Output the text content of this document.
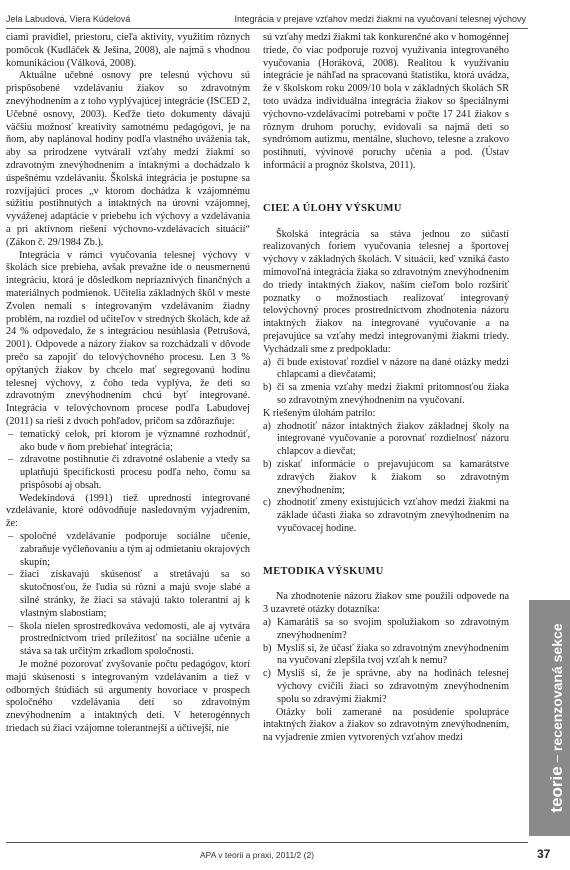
Jela Labudová, Viera Kúdelová	Integrácia v prejave vzťahov medzi žiakmi na vyučovaní telesnej výchovy

ciami pravidiel, priestoru, cieľa aktivity, využitím rôznych pomôcok (Kudláček & Ješina, 2008), ale najmä s vhodnou komunikáciou (Válková, 2008).

Aktuálne učebné osnovy pre telesnú výchovu sú prispôsobené vzdelávaniu žiakov so zdravotným znevýhodnením a z toho vyplývajúcej integrácie (ISCED 2, Učebné osnovy, 2003). Keďže tieto dokumenty dávajú väčšiu možnosť kreativity samotnému pedagógovi, je na ňom, aby naplánoval hodiny podľa vlastného uváženia tak, aby sa prirodzene vytvárali vzťahy medzi žiakmi so zdravotným znevýhodnením a intaknými a dochádzalo k úspešnému vzdelávaniu. Školská integrácia je postupne sa rozvíjajúci proces „v ktorom dochádza k vzájomnému súžitiu postihnutých a intaktných na úrovni vzájomnej, vyváženej adaptácie v priebehu ich výchovy a vzdelávania a pri aktívnom riešení výchovno-vzdelávacích situácií“ (Zákon č. 29/1984 Zb.).

Integrácia v rámci vyučovania telesnej výchovy v školách sice prebieha, avšak prevažne ide o neusmernenú integráciu, ktorá je dôsledkom nepriaznivých finančných a materiálnych podmienok. Učitelia základných škôl v meste Zvolen nemali s integrovaným vzdelávaním žiadny problém, na rozdiel od učiteľov v stredných školách, kde až 24 % odpovedalo, že s integráciou nesúhlasia (Petrušová, 2001). Odpovede a názory žiakov sa rozchádzali v dôvode prečo sa zapojiť do telovýchovného procesu. Len 3 % opýtaných žiakov by chcelo mať segregovanú hodinu telesnej výchovy, z čoho teda vyplýva, že deti so zdravotným znevýhodnením chcú byť integrované. Integrácia v telovýchovnom procese podľa Labudovej (2011) sa rieši z dvoch pohľadov, pričom sa zdôrazňuje:

– tematický celok, pri ktorom je významné rozhodnúť, ako bude v ňom prebiehať integrácia;
– zdravotne postihnutie či zdravotné oslabenie a vtedy sa uplatňujú špecifickosti procesu podľa neho, čomu sa prispôsobí aj obsah.

Wedekindová (1991) tiež upredností integrované vzdelávanie, ktoré odôvodňuje nasledovným vyjadrením, že:

– spoločné vzdelávanie podporuje sociálne učenie, zabraňuje vyčleňovaniu a tým aj odmietaniu okrajových skupín;
– žiaci získavajú skúsenosť a stretávajú sa so skutočnosťou, že ľudia sú rôzni a majú svoje slabé a silné stránky, že žiaci sa stávajú takto tolerantní aj k vlastným slabostiam;
– škola nielen sprostredkováva vedomosti, ale aj vytvára prostredníctvom tried príležitosť na sociálne učenie a stáva sa tak určitým zrkadlom spoločnosti.

Je možné pozorovať zvyšovanie počtu pedagógov, ktorí majú skúsenosti s integrovaným vzdelávaním a tiež v odborných štúdiách sú argumenty hovoriace v prospech spoločného vzdelávania detí so zdravotným znevýhodnením a intaktných detí. V heterogénnych triedach sú žiaci vzájomne tolerantnejší a účtivejší, nie

sú vzťahy medzi žiakmi tak konkurenčné ako v homogénnej triede, čo viac podporuje rozvoj využívania integrovaného vyučovania (Horáková, 2008). Realitou k využívaniu integrácie je náhľad na spracovanú štatistiku, ktorá uvádza, že v školskom roku 2009/10 bola v základných školách SR toto uvádza individuálna integrácia žiakov so špeciálnymi výchovno-vzdelávacími potrebami v počte 17 241 žiakov s rôznym druhom poruchy, evidovali sa najmä deti so syndrómom autizmu, mentálne, sluchovo, telesne a zrakovo postihnutí, vývinové poruchy učenia a pod. (Ústav informácií a prognóz školstva, 2011).

CIEĽ A ÚLOHY VÝSKUMU

Školská integrácia sa stáva jednou zo súčastí realizovaných foriem vyučovania telesnej a športovej výchovy v základných školách. V situácii, keď vzniká často mimovoľná integrácia žiaka so zdravotným znevýhodnením do triedy intaktných žiakov, naším cieľom bolo rozšíriť poznatky o možnostiach realizovať integrovaný telovýchovný proces prostredníctvom zhodnotenia názoru intaktných žiakov na integrované vyučovanie a na prejavujúce sa vzťahy medzi integrovanými žiakmi triedy. Vychádzali sme z predpokladu:

a) či bude existovať rozdiel v názore na dané otázky medzi chlapcami a dievčatami;
b) či sa zmenia vzťahy medzi žiakmi pritomnosťou žiaka so zdravotným znevýhodnením na vyučovaní.

K riešeným úlohám patrilo:

a) zhodnotiť názor intaktných žiakov základnej školy na integrované vyučovanie a porovnať rozdielnosť názoru chlapcov a dievčat;
b) získať informácie o prejavujúcom sa kamarátstve zdravých žiakov k žiakom so zdravotným znevýhodnením;
c) zhodnotiť zmeny existujúcich vzťahov medzi žiakmi na základe účasti žiaka so zdravotným znevýhodnením na vyučovacej hodine.
METODIKA VÝSKUMU

Na zhodnotenie názoru žiakov sme použili odpovede na 3 uzavreté otázky dotazníka:

a) Kamarátiš sa so svojím spolužiakom so zdravotným znevýhodnením?
b) Myslíš si, že účasť žiaka so zdravotným znevýhodnením na vyučovaní zlepšila tvoj vzťah k nemu?
c) Myslíš si, že je správne, aby na hodinách telesnej výchovy cvičili žiaci so zdravotným znevýhodnením spolu so zdravými žiakmi?

Otázky boli zamerané na posúdenie spolupráce intaktných žiakov a žiakov so zdravotným znevýhodnením, na vyjadrenie zmien vytvorených vzťahov medzi

teorie
–
recenzovaná sekce
APA v teorii a praxi, 2011/2 (2)	37
